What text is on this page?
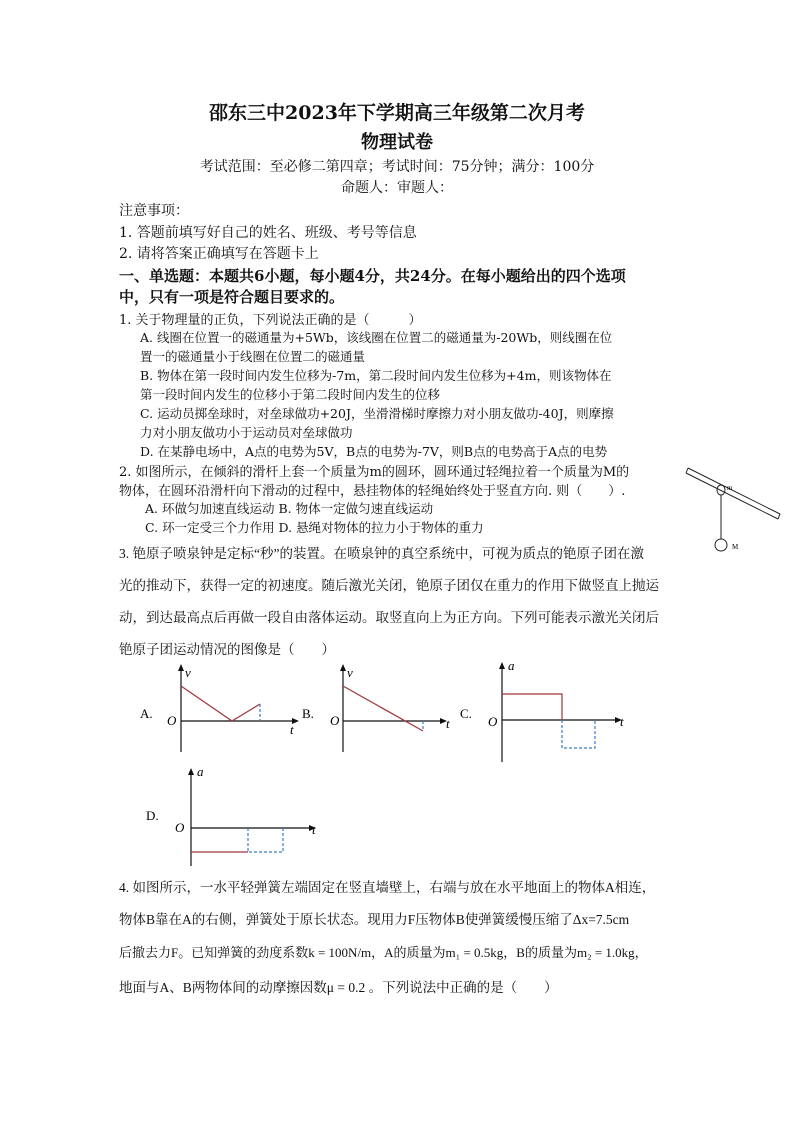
邵东三中2023年下学期高三年级第二次月考
物理试卷
考试范围：至必修二第四章；考试时间：75分钟；满分：100分
命题人：审题人：
注意事项：
1. 答题前填写好自己的姓名、班级、考号等信息
2. 请将答案正确填写在答题卡上
一、单选题：本题共6小题，每小题4分，共24分。在每小题给出的四个选项
中，只有一项是符合题目要求的。
1. 关于物理量的正负，下列说法正确的是（　　　）
A. 线圈在位置一的磁通量为+5Wb，该线圈在位置二的磁通量为-20Wb，则线圈在位
置一的磁通量小于线圈在位置二的磁通量
B. 物体在第一段时间内发生位移为-7m，第二段时间内发生位移为+4m，则该物体在
第一段时间内发生的位移小于第二段时间内发生的位移
C. 运动员掷垒球时，对垒球做功+20J，坐滑滑梯时摩擦力对小朋友做功-40J，则摩擦
力对小朋友做功小于运动员对垒球做功
D. 在某静电场中，A点的电势为5V，B点的电势为-7V，则B点的电势高于A点的电势
2. 如图所示，在倾斜的滑杆上套一个质量为m的圆环，圆环通过轻绳拉着一个质量为M的
物体，在圆环沿滑杆向下滑动的过程中，悬挂物体的轻绳始终处于竖直方向. 则（　　）.
A. 环做匀加速直线运动 B. 物体一定做匀速直线运动
C. 环一定受三个力作用 D. 悬绳对物体的拉力小于物体的重力
m
M
3. 铯原子喷泉钟是定标“秒”的装置。在喷泉钟的真空系统中，可视为质点的铯原子团在激
光的推动下，获得一定的初速度。随后激光关闭，铯原子团仅在重力的作用下做竖直上抛运
动，到达最高点后再做一段自由落体运动。取竖直向上为正方向。下列可能表示激光关闭后
铯原子团运动情况的图像是（　　）
A.
v
t
O	B.
v
t
O	C.
a
t
O
D.
a
t
O
4. 如图所示，一水平轻弹簧左端固定在竖直墙壁上，右端与放在水平地面上的物体A相连，
物体B靠在A的右侧，弹簧处于原长状态。现用力F压物体B使弹簧缓慢压缩了Δx=7.5cm
后撤去力F。已知弹簧的劲度系数k = 100N/m，A的质量为m₁ = 0.5kg，B的质量为m₂ = 1.0kg，
地面与A、B两物体间的动摩擦因数μ = 0.2 。下列说法中正确的是（　　）
